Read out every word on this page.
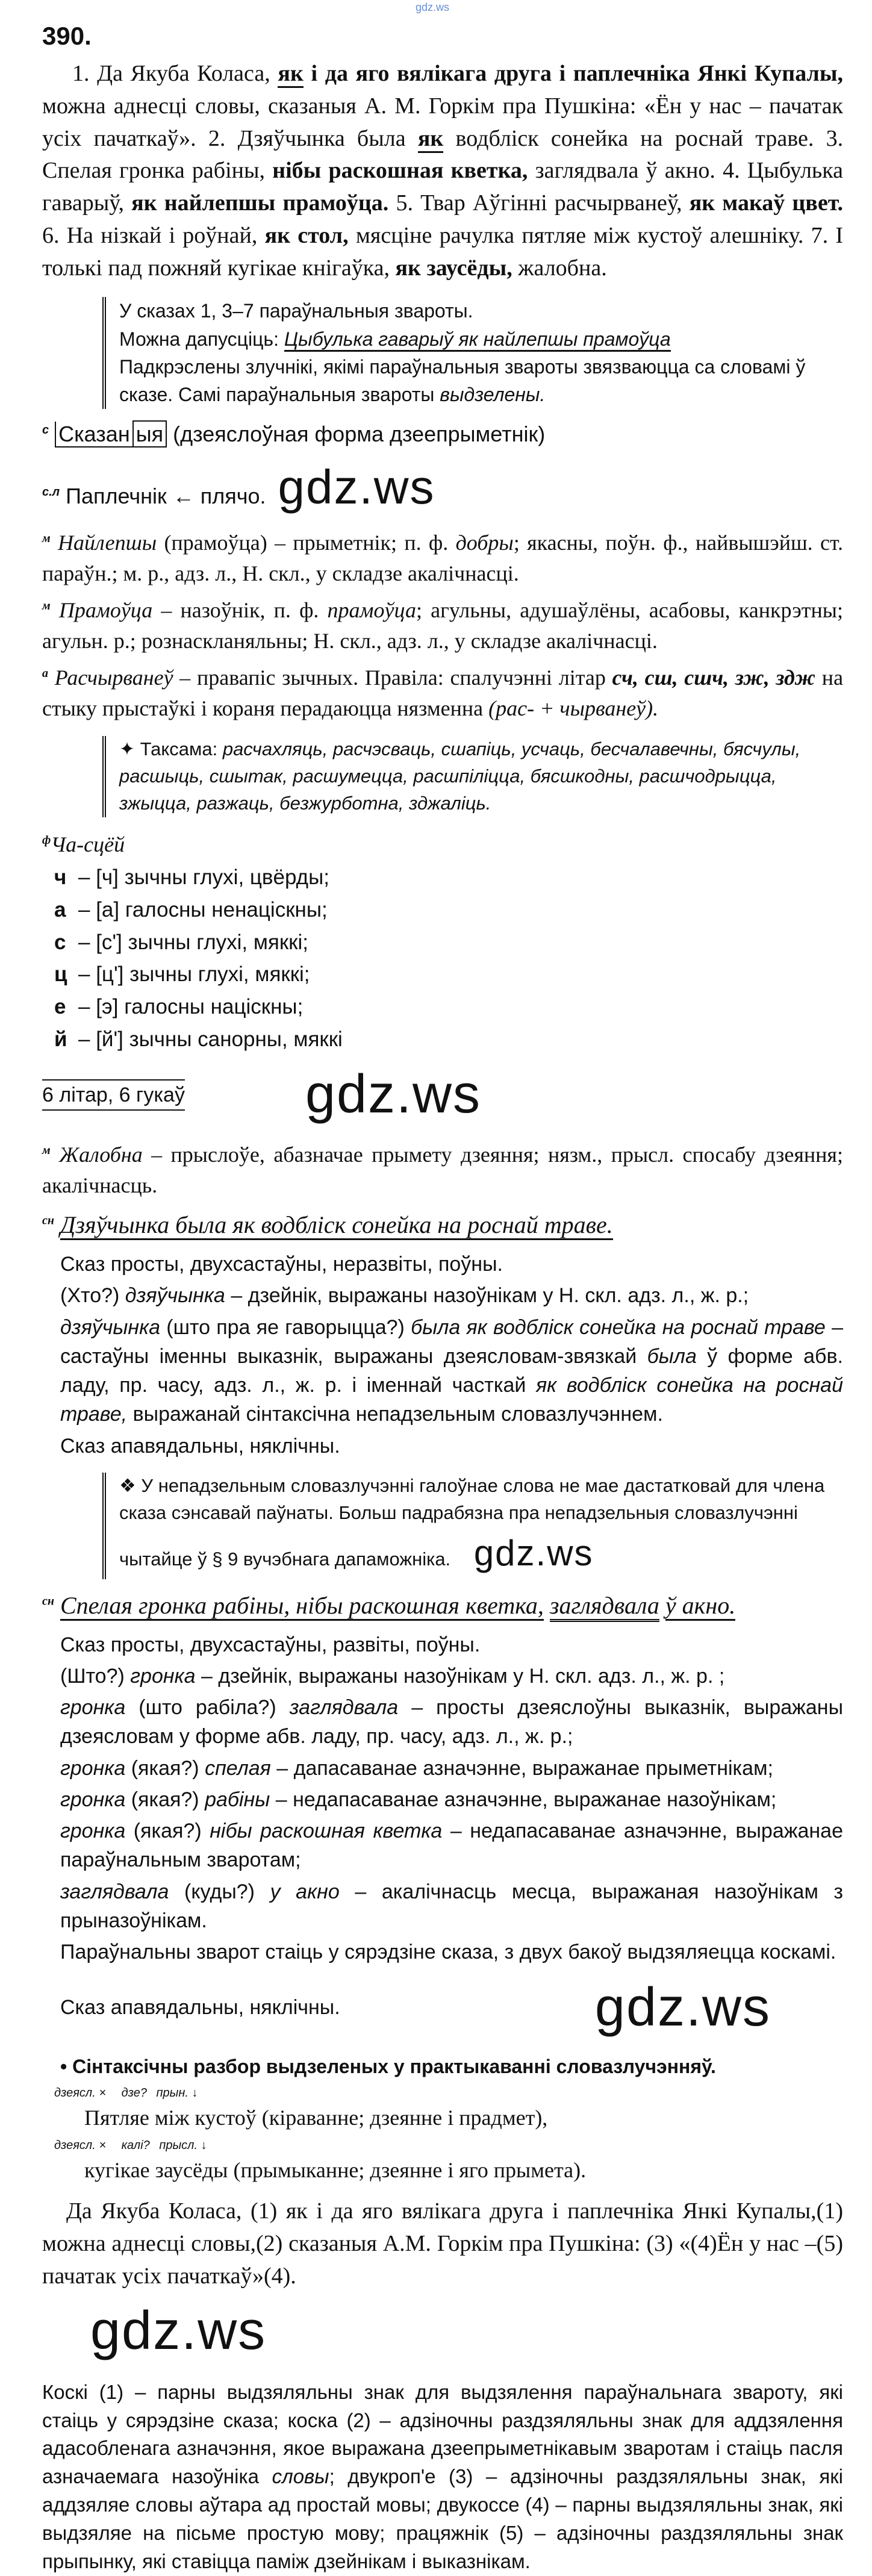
gdz.ws
390.
1. Да Якуба Коласа, як і да яго вялікага друга і паплечніка Янкі Купалы, можна аднесці словы, сказаныя А. М. Горкім пра Пушкіна: «Ён у нас – пачатак усіх пачаткаў». 2. Дзяўчынка была як водбліск сонейка на роснай траве. 3. Спелая гронка рабіны, нібы раскошная кветка, заглядвала ў акно. 4. Цыбулька гаварыў, як найлепшы прамоўца. 5. Твар Аўгінні расчырванеў, як макаў цвет. 6. На нізкай і роўнай, як стол, мясціне рачулка пятляе між кустоў алешніку. 7. І толькі пад пожняй кугікае кнігаўка, як заусёды, жалобна.
У сказах 1, 3–7 параўнальныя звароты.
Можна дапусціць: Цыбулька гаварыў як найлепшы прамоўца
Падкрэслены злучнікі, якімі параўнальныя звароты звязваюцца са словамі ў сказе. Самі параўнальныя звароты выдзелены.
$^с$ Сказан ыя (дзеяслоўная форма дзеепрыметнік)
$^{с.л}$ Паплечнік ← плячо. gdz.ws
$^м$ Найлепшы (прамоўца) – прыметнік; п. ф. добры; якасны, поўн. ф., найвышэйш. ст. параўн.; м. р., адз. л., Н. скл., у складзе акалічнасці.
$^м$ Прамоўца – назоўнік, п. ф. прамоўца; агульны, адушаўлёны, асабовы, канкрэтны; агульн. р.; рознаскланяльны; Н. скл., адз. л., у складзе акалічнасці.
$^а$ Расчырванеў – правапіс зычных. Правіла: спалучэнні літар сч, сш, сшч, зж, здж на стыку прыстаўкі і кораня перадаюцца нязменна (рас- + чырванеў).
✦ Таксама: расчахляць, расчэсваць, сшапіць, усчаць, бесчалавечны, бясчулы, расшыць, сшытак, расшумецца, расшпіліцца, бясшкодны, расшчодрыцца, зжыцца, разжаць, безжурботна, зджаліць.
$^ф$Ча-сцёй
ч – [ч] зычны глухі, цвёрды;
а – [а] галосны ненаціскны;
с – [с'] зычны глухі, мяккі;
ц – [ц'] зычны глухі, мяккі;
е – [э] галосны націскны;
й – [й'] зычны санорны, мяккі
6 літар, 6 гукаў gdz.ws
$^м$ Жалобна – прыслоўе, абазначае прымету дзеяння; нязм., прысл. спосабу дзеяння; акалічнасць.
$^{сн}$ Дзяўчынка была як водбліск сонейка на роснай траве.
Сказ просты, двухсастаўны, неразвіты, поўны.
(Хто?) дзяўчынка – дзейнік, выражаны назоўнікам у Н. скл. адз. л., ж. р.;
дзяўчынка (што пра яе гаворыцца?) была як водбліск сонейка на роснай траве – састаўны іменны выказнік, выражаны дзеясловам-звязкай была ў форме абв. ладу, пр. часу, адз. л., ж. р. і іменнай часткай як водбліск сонейка на роснай траве, выражанай сінтаксічна непадзельным словазлучэннем.
Сказ апавядальны, няклічны.
❖ У непадзельным словазлучэнні галоўнае слова не мае дастатковай для члена сказа сэнсавай паўнаты. Больш падрабязна пра непадзельныя словазлучэнні чытайце ў § 9 вучэбнага дапаможніка. gdz.ws
$^{сн}$ Спелая гронка рабіны, нібы раскошная кветка, заглядвала ў акно.
Сказ просты, двухсастаўны, развіты, поўны.
(Што?) гронка – дзейнік, выражаны назоўнікам у Н. скл. адз. л., ж. р. ;
гронка (што рабіла?) заглядвала – просты дзеяслоўны выказнік, выражаны дзеясловам у форме абв. ладу, пр. часу, адз. л., ж. р.;
гронка (якая?) спелая – дапасаванае азначэнне, выражанае прыметнікам;
гронка (якая?) рабіны – недапасаванае азначэнне, выражанае назоўнікам;
гронка (якая?) нібы раскошная кветка – недапасаванае азначэнне, выражанае параўнальным зваротам;
заглядвала (куды?) у акно – акалічнасць месца, выражаная назоўнікам з прыназоўнікам.
Параўнальны зварот стаіць у сярэдзіне сказа, з двух бакоў выдзяляецца коскамі.
Сказ апавядальны, няклічны.	gdz.ws
• Сінтаксічны разбор выдзеленых у практыкаванні словазлучэнняў.
дзеясл. × дзе? прын. ↓
Пятляе між кустоў (кіраванне; дзеянне і прадмет),
дзеясл. × калі? прысл. ↓
кугікае заусёды (прымыканне; дзеянне і яго прымета).
Да Якуба Коласа, (1) як і да яго вялікага друга і паплечніка Янкі Купалы,(1) можна аднесці словы,(2) сказаныя А.М. Горкім пра Пушкіна: (3) «(4)Ён у нас –(5) пачатак усіх пачаткаў»(4).
gdz.ws
Коскі (1) – парны выдзяляльны знак для выдзялення параўнальнага звароту, які стаіць у сярэдзіне сказа; коска (2) – адзіночны раздзяляльны знак для аддзялення адасобленага азначэння, якое выражана дзеепрыметнікавым зваротам і стаіць пасля азначаемага назоўніка словы; двукроп'е (3) – адзіночны раздзяляльны знак, які аддзяляе словы аўтара ад простай мовы; двукоссе (4) – парны выдзяляльны знак, які выдзяляе на пісьме простую мову; працяжнік (5) – адзіночны раздзяляльны знак прыпынку, які ставіцца паміж дзейнікам і выказнікам.
